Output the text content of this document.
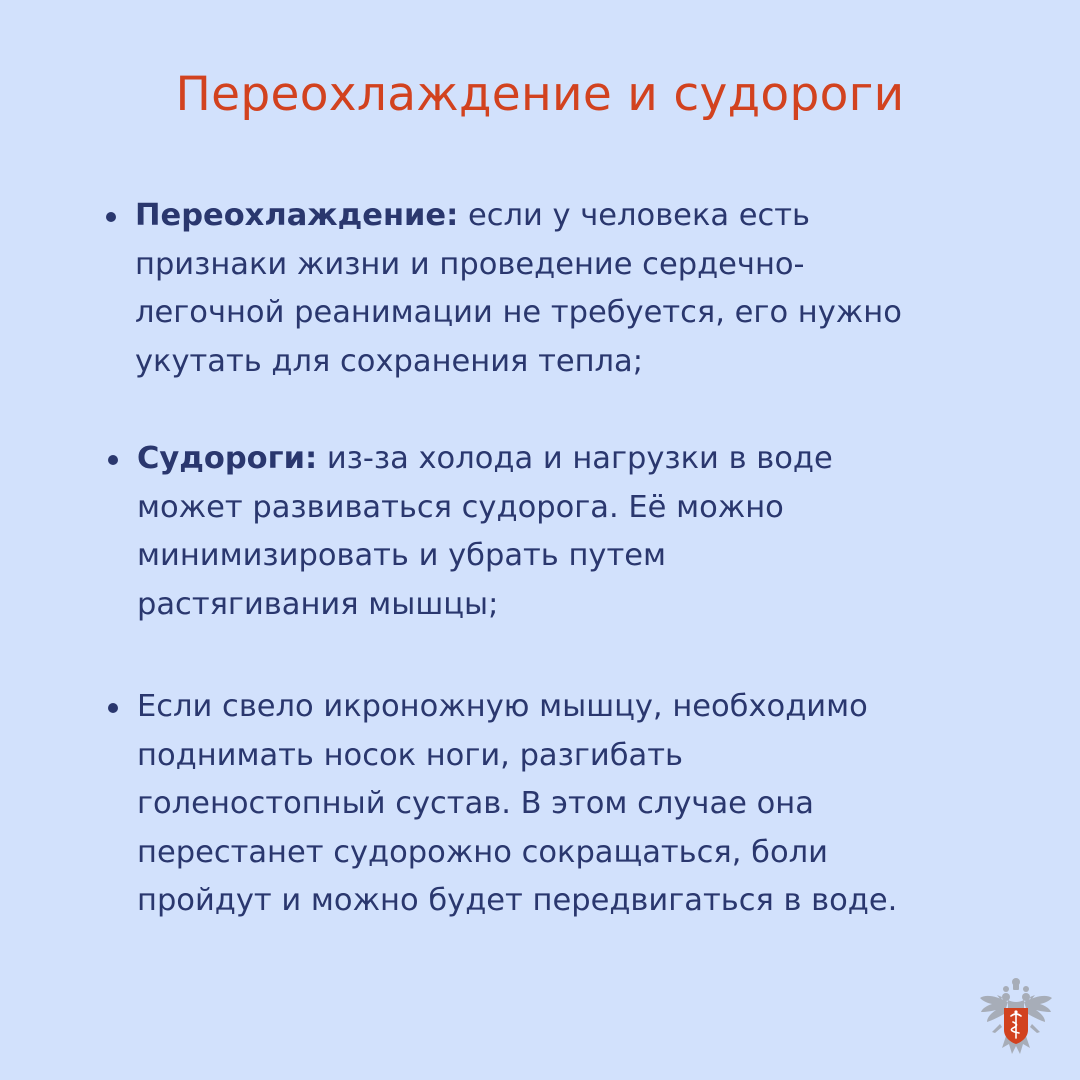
Переохлаждение и судороги
Переохлаждение: если у человека есть
признаки жизни и проведение сердечно-
легочной реанимации не требуется, его нужно
укутать для сохранения тепла;
Судороги: из-за холода и нагрузки в воде
может развиваться судорога. Её можно
минимизировать и убрать путем
растягивания мышцы;
Если свело икроножную мышцу, необходимо
поднимать носок ноги, разгибать
голеностопный сустав. В этом случае она
перестанет судорожно сокращаться, боли
пройдут и можно будет передвигаться в воде.
